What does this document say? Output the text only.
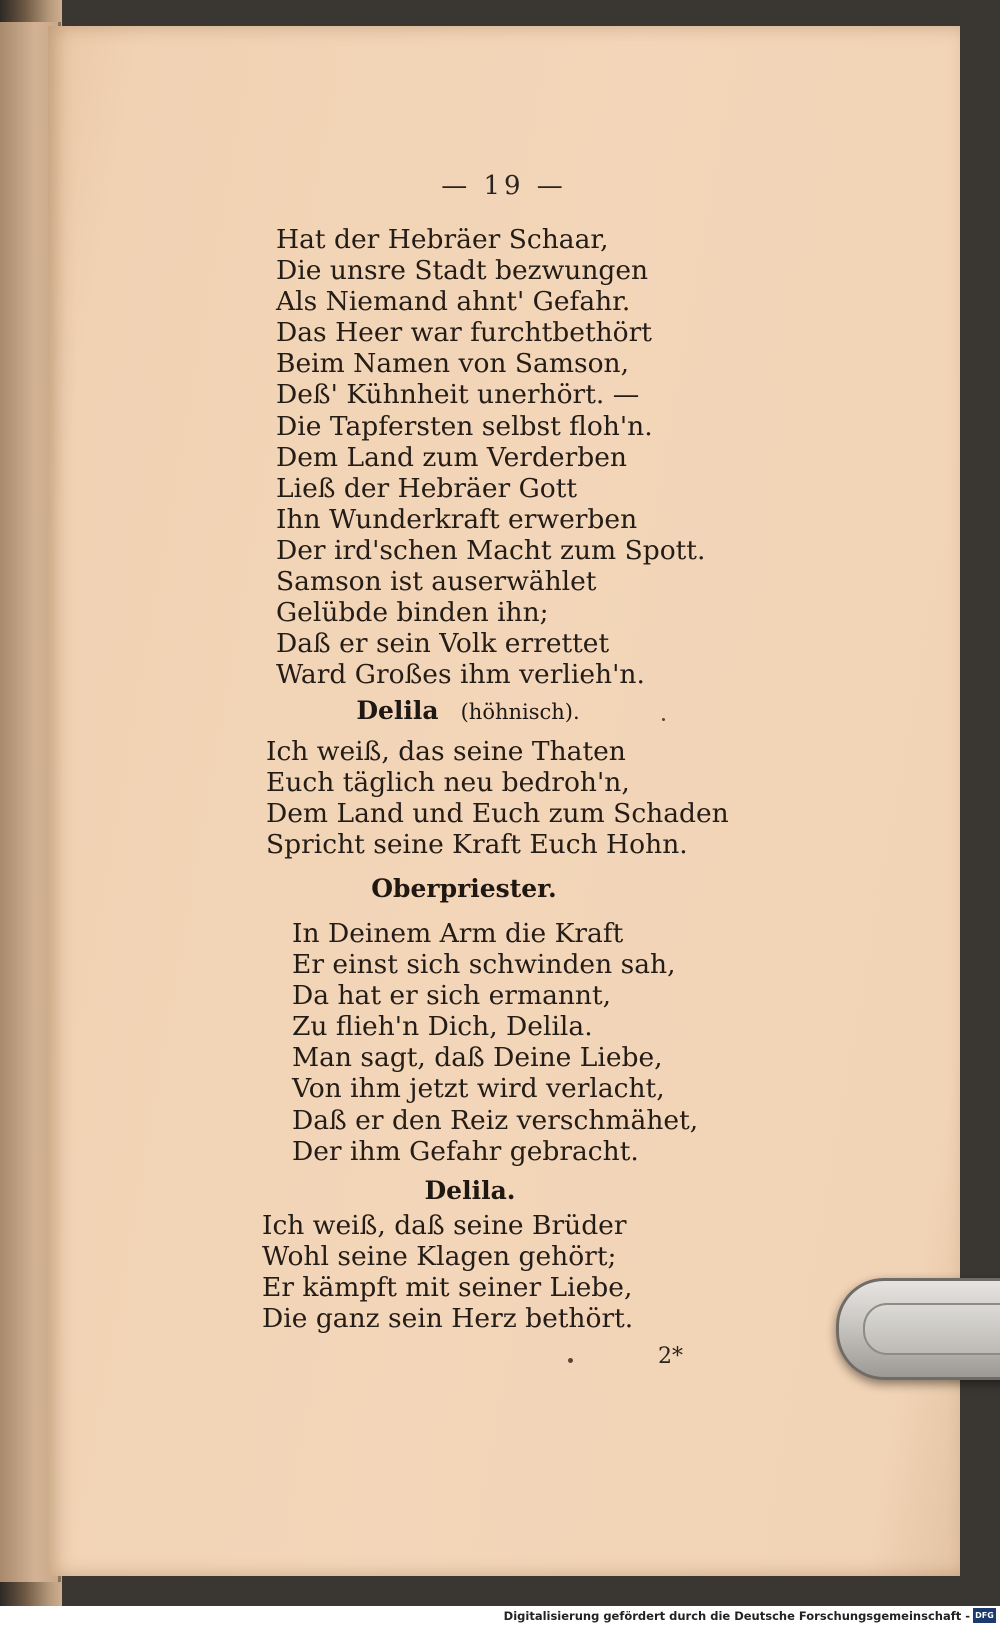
— 19 —
Hat der Hebräer Schaar,
Die unsre Stadt bezwungen
Als Niemand ahnt' Gefahr.
Das Heer war furchtbethört
Beim Namen von Samson,
Deß' Kühnheit unerhört. —
Die Tapfersten selbst floh'n.
Dem Land zum Verderben
Ließ der Hebräer Gott
Ihn Wunderkraft erwerben
Der ird'schen Macht zum Spott.
Samson ist auserwählet
Gelübde binden ihn;
Daß er sein Volk errettet
Ward Großes ihm verlieh'n.
Delila (höhnisch).
Ich weiß, das seine Thaten
Euch täglich neu bedroh'n,
Dem Land und Euch zum Schaden
Spricht seine Kraft Euch Hohn.
Oberpriester.
In Deinem Arm die Kraft
Er einst sich schwinden sah,
Da hat er sich ermannt,
Zu flieh'n Dich, Delila.
Man sagt, daß Deine Liebe,
Von ihm jetzt wird verlacht,
Daß er den Reiz verschmähet,
Der ihm Gefahr gebracht.
Delila.
Ich weiß, daß seine Brüder
Wohl seine Klagen gehört;
Er kämpft mit seiner Liebe,
Die ganz sein Herz bethört.
2*
Digitalisierung gefördert durch die Deutsche Forschungsgemeinschaft - DFG
